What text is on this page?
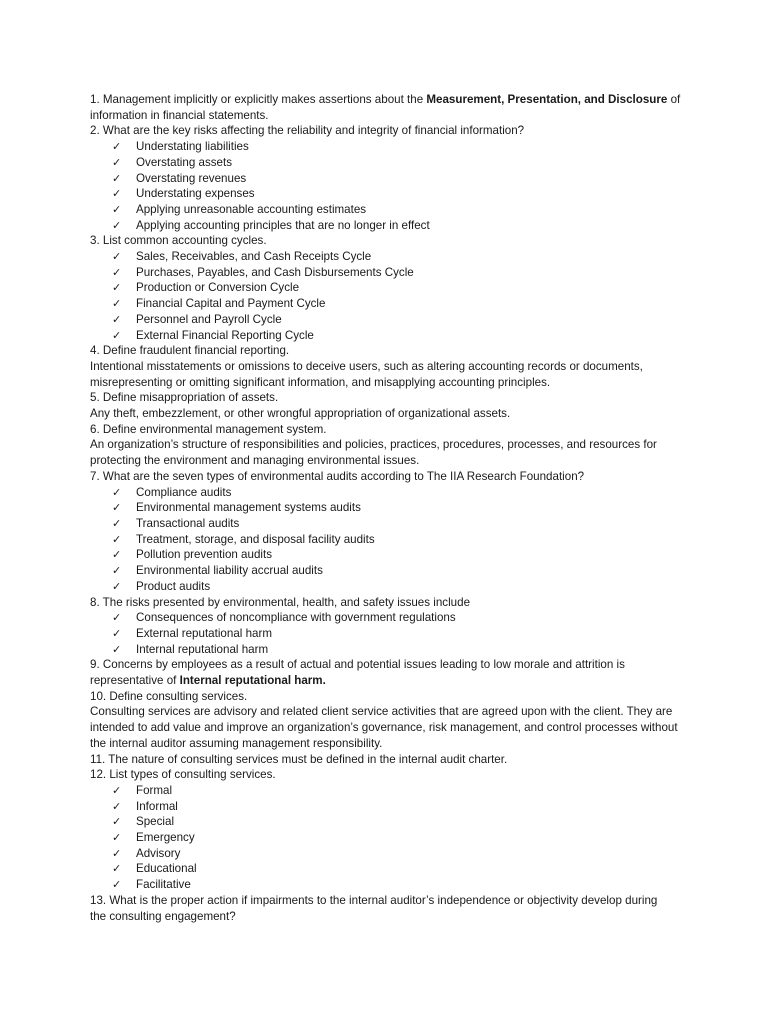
1. Management implicitly or explicitly makes assertions about the Measurement, Presentation, and Disclosure of
information in financial statements.
2. What are the key risks affecting the reliability and integrity of financial information?
✓ Understating liabilities
✓ Overstating assets
✓ Overstating revenues
✓ Understating expenses
✓ Applying unreasonable accounting estimates
✓ Applying accounting principles that are no longer in effect
3. List common accounting cycles.
✓ Sales, Receivables, and Cash Receipts Cycle
✓ Purchases, Payables, and Cash Disbursements Cycle
✓ Production or Conversion Cycle
✓ Financial Capital and Payment Cycle
✓ Personnel and Payroll Cycle
✓ External Financial Reporting Cycle
4. Define fraudulent financial reporting.
Intentional misstatements or omissions to deceive users, such as altering accounting records or documents,
misrepresenting or omitting significant information, and misapplying accounting principles.
5. Define misappropriation of assets.
Any theft, embezzlement, or other wrongful appropriation of organizational assets.
6. Define environmental management system.
An organization’s structure of responsibilities and policies, practices, procedures, processes, and resources for
protecting the environment and managing environmental issues.
7. What are the seven types of environmental audits according to The IIA Research Foundation?
✓ Compliance audits
✓ Environmental management systems audits
✓ Transactional audits
✓ Treatment, storage, and disposal facility audits
✓ Pollution prevention audits
✓ Environmental liability accrual audits
✓ Product audits
8. The risks presented by environmental, health, and safety issues include
✓ Consequences of noncompliance with government regulations
✓ External reputational harm
✓ Internal reputational harm
9. Concerns by employees as a result of actual and potential issues leading to low morale and attrition is
representative of Internal reputational harm.
10. Define consulting services.
Consulting services are advisory and related client service activities that are agreed upon with the client. They are
intended to add value and improve an organization’s governance, risk management, and control processes without
the internal auditor assuming management responsibility.
11. The nature of consulting services must be defined in the internal audit charter.
12. List types of consulting services.
✓ Formal
✓ Informal
✓ Special
✓ Emergency
✓ Advisory
✓ Educational
✓ Facilitative
13. What is the proper action if impairments to the internal auditor’s independence or objectivity develop during
the consulting engagement?
